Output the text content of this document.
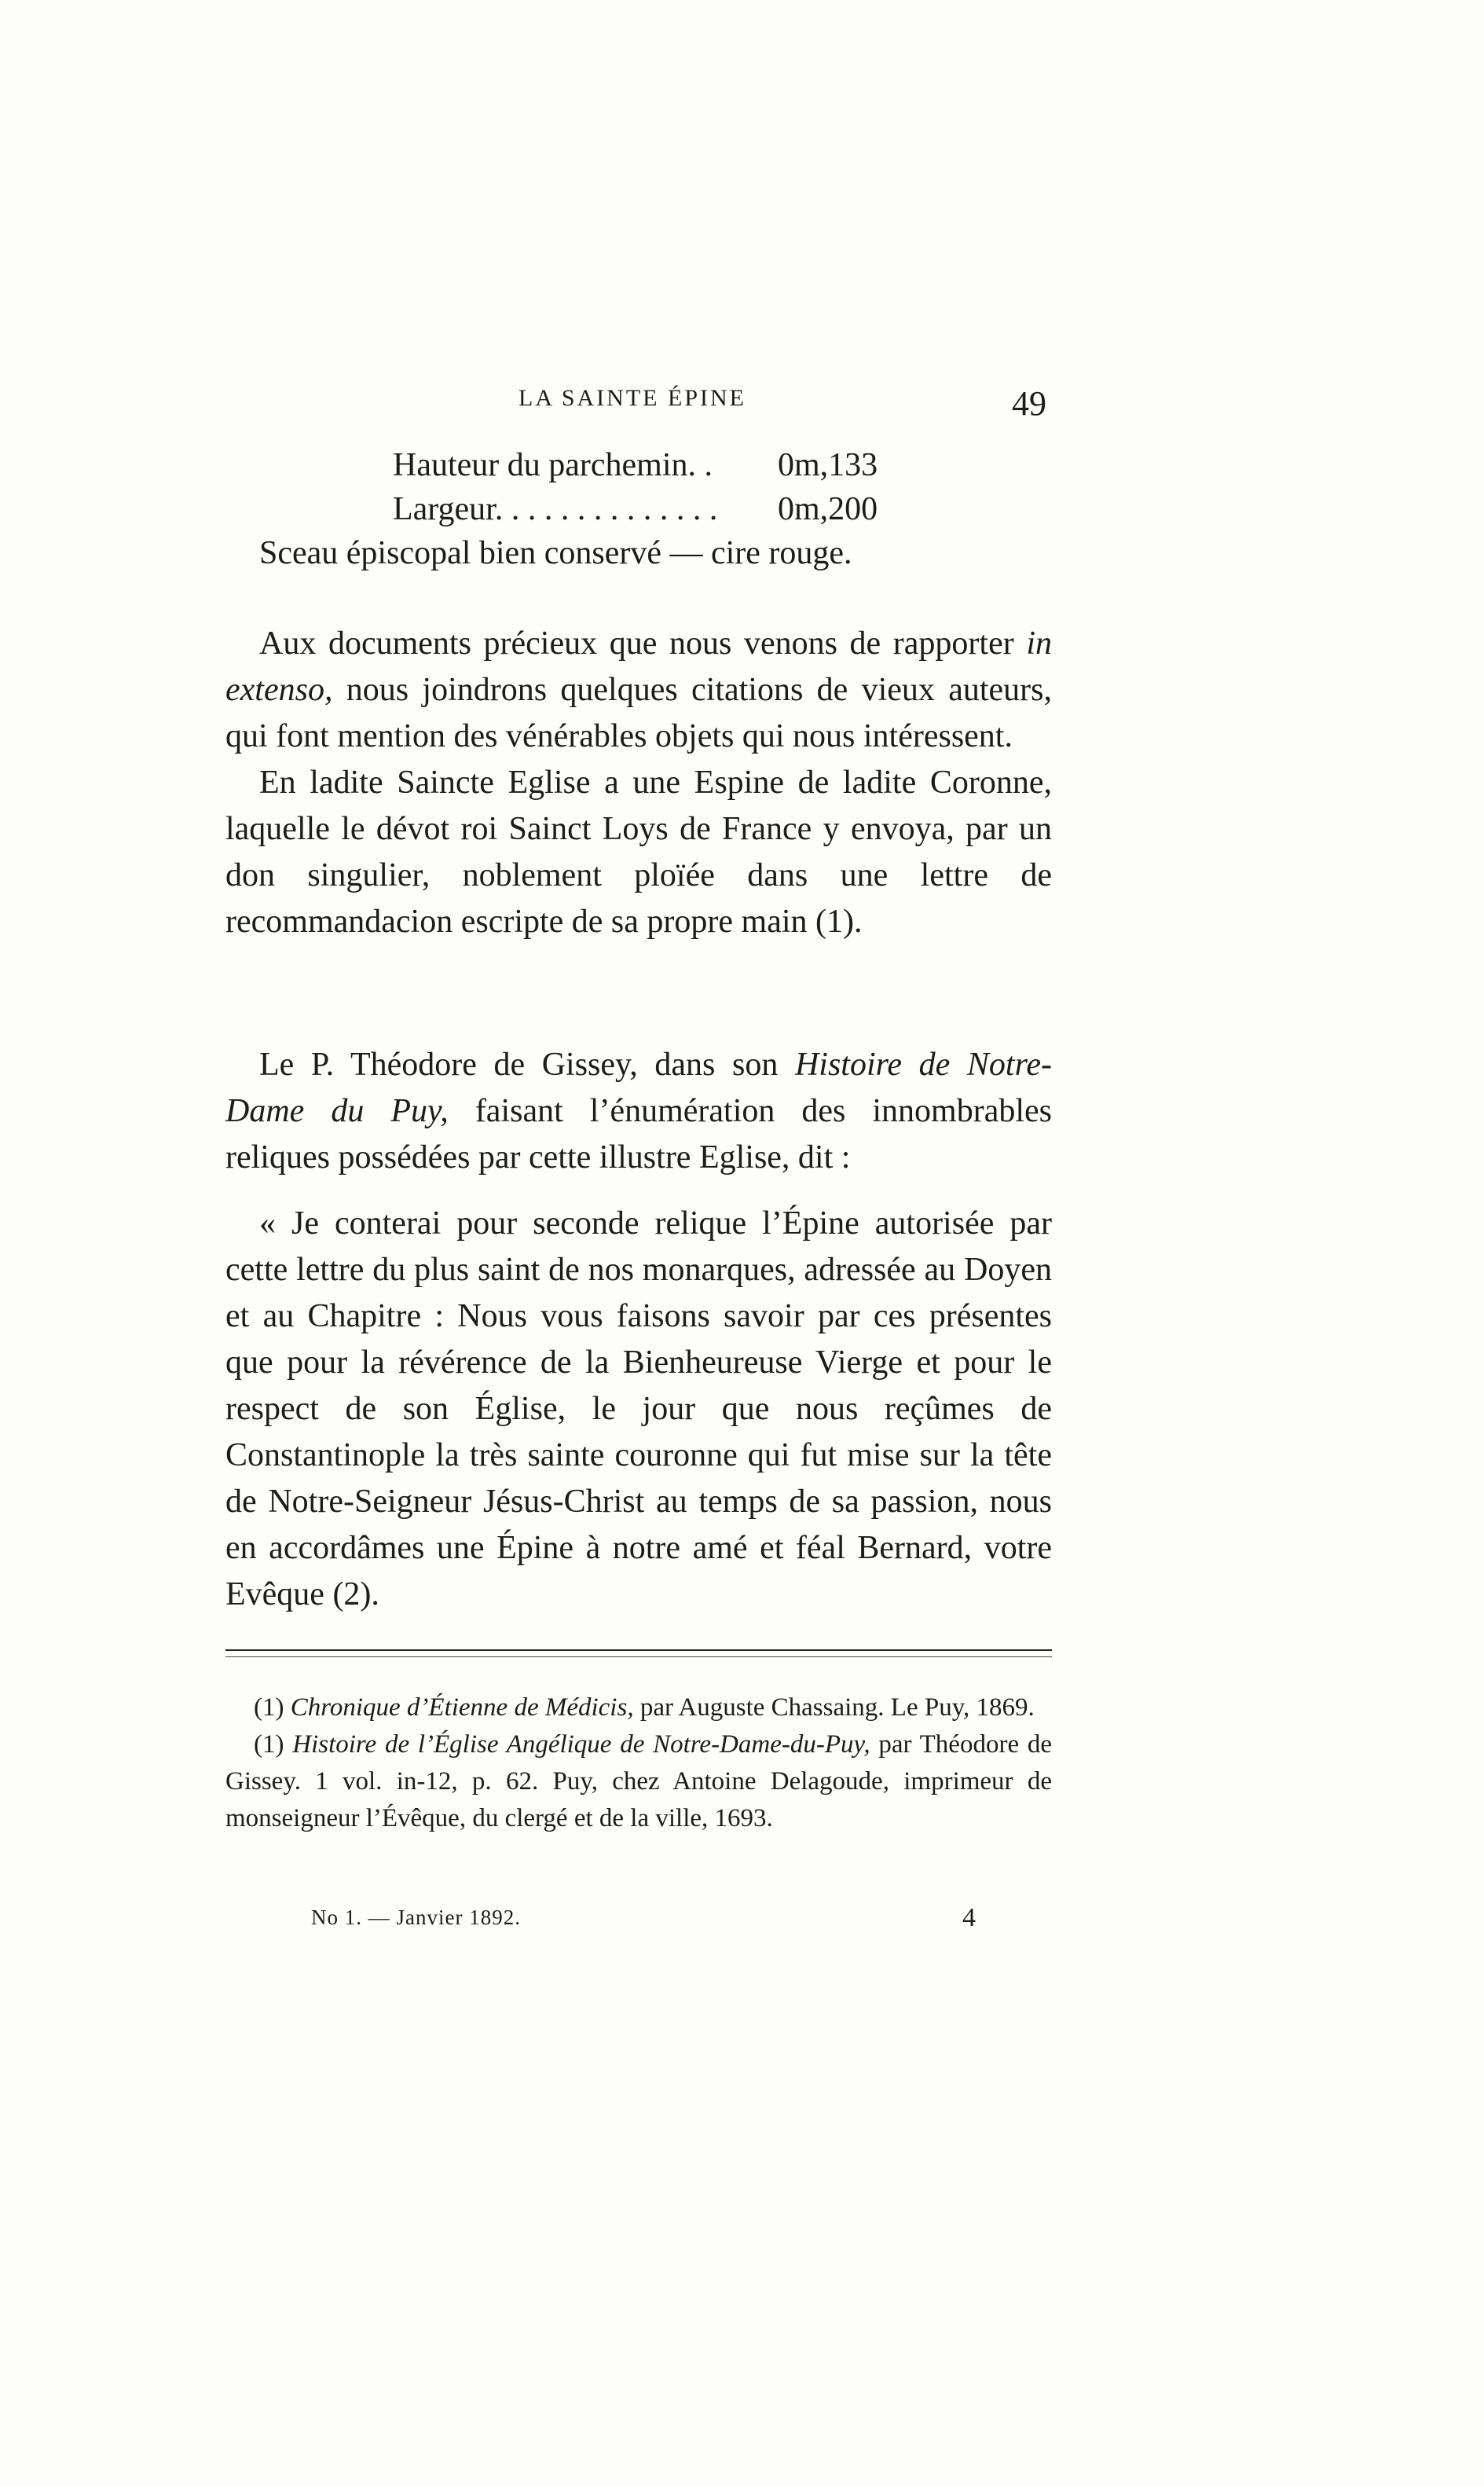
LA SAINTE ÉPINE	49
Hauteur du parchemin. . 0m,133
Largeur. . . . . . . . . . . . . . 0m,200
Sceau épiscopal bien conservé — cire rouge.

Aux documents précieux que nous venons de rapporter in extenso, nous joindrons quelques citations de vieux auteurs, qui font mention des vénérables objets qui nous intéressent.

En ladite Saincte Eglise a une Espine de ladite Coronne, laquelle le dévot roi Sainct Loys de France y envoya, par un don singulier, noblement ploïée dans une lettre de recommandacion escripte de sa propre main (1).

Le P. Théodore de Gissey, dans son Histoire de Notre-Dame du Puy, faisant l’énumération des innombrables reliques possédées par cette illustre Eglise, dit :

« Je conterai pour seconde relique l’Épine autorisée par cette lettre du plus saint de nos monarques, adressée au Doyen et au Chapitre : Nous vous faisons savoir par ces présentes que pour la révérence de la Bienheureuse Vierge et pour le respect de son Église, le jour que nous reçûmes de Constantinople la très sainte couronne qui fut mise sur la tête de Notre-Seigneur Jésus-Christ au temps de sa passion, nous en accordâmes une Épine à notre amé et féal Bernard, votre Evêque (2).

(1) Chronique d’Étienne de Médicis, par Auguste Chassaing. Le Puy, 1869.

(1) Histoire de l’Église Angélique de Notre-Dame-du-Puy, par Théodore de Gissey. 1 vol. in-12, p. 62. Puy, chez Antoine Delagoude, imprimeur de monseigneur l’Évêque, du clergé et de la ville, 1693.

No 1. — Janvier 1892.	4
